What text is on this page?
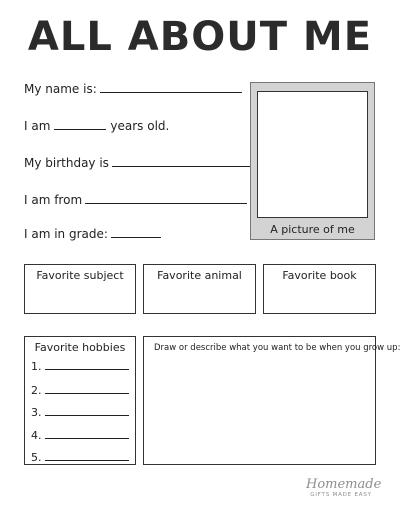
ALL ABOUT ME
My name is:
I am	years old.
My birthday is
I am from
I am in grade:	A picture of me
Favorite subject	Favorite animal	Favorite book
Favorite hobbies
1.
2.
3.
4.
5.
Draw or describe what you want to be when you grow up:
Homemade
GIFTS MADE EASY
